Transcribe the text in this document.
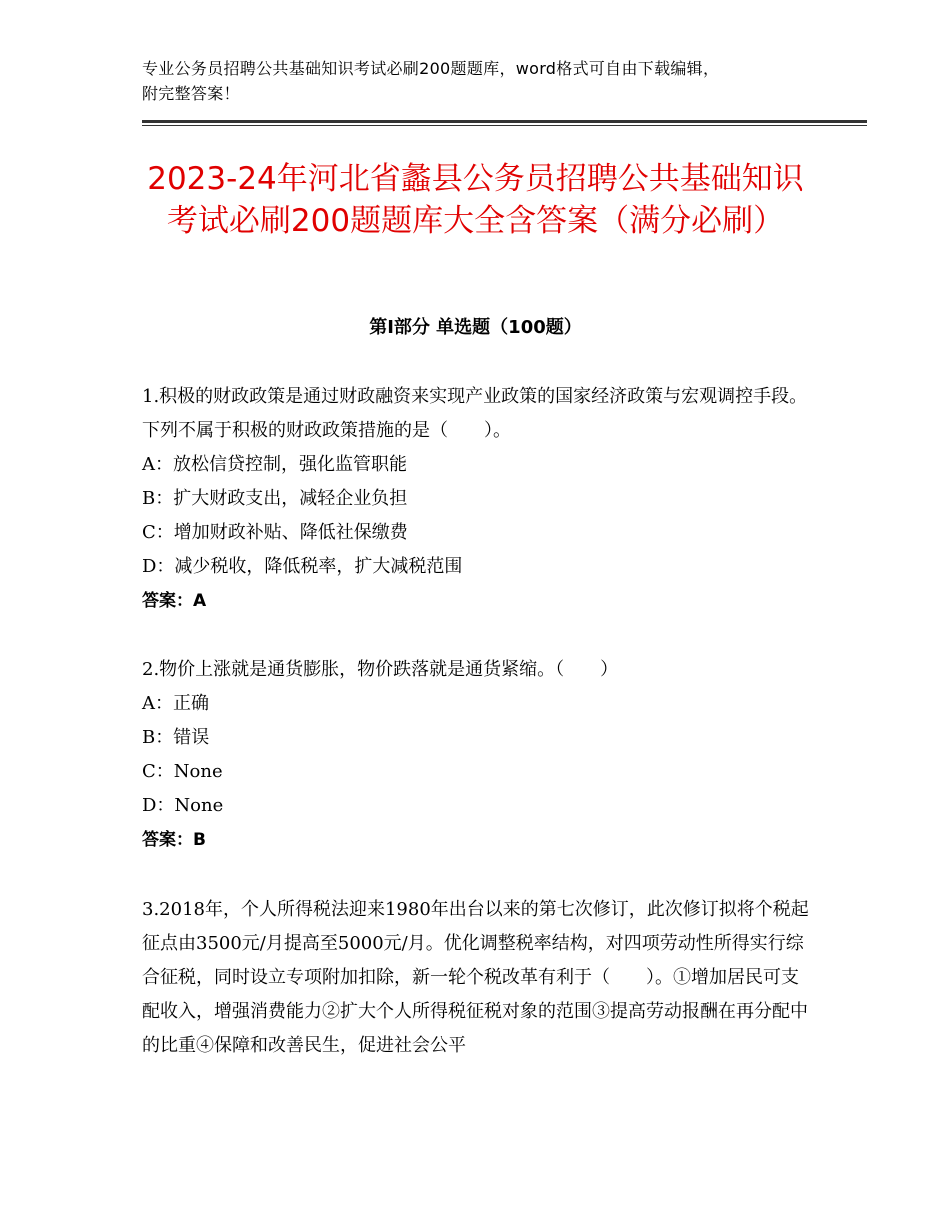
专业公务员招聘公共基础知识考试必刷200题题库，word格式可自由下载编辑，
附完整答案！
2023-24年河北省蠡县公务员招聘公共基础知识考试必刷200题题库大全含答案（满分必刷）
第Ⅰ部分 单选题（100题）

1.积极的财政政策是通过财政融资来实现产业政策的国家经济政策与宏观调控手段。下列不属于积极的财政政策措施的是（　　）。

A：放松信贷控制，强化监管职能

B：扩大财政支出，减轻企业负担

C：增加财政补贴、降低社保缴费

D：减少税收，降低税率，扩大减税范围

答案：A

2.物价上涨就是通货膨胀，物价跌落就是通货紧缩。（　　）

A：正确

B：错误

C：None

D：None

答案：B

3.2018年，个人所得税法迎来1980年出台以来的第七次修订，此次修订拟将个税起征点由3500元/月提高至5000元/月。优化调整税率结构，对四项劳动性所得实行综合征税，同时设立专项附加扣除，新一轮个税改革有利于（　　）。①增加居民可支配收入，增强消费能力②扩大个人所得税征税对象的范围③提高劳动报酬在再分配中的比重④保障和改善民生，促进社会公平
